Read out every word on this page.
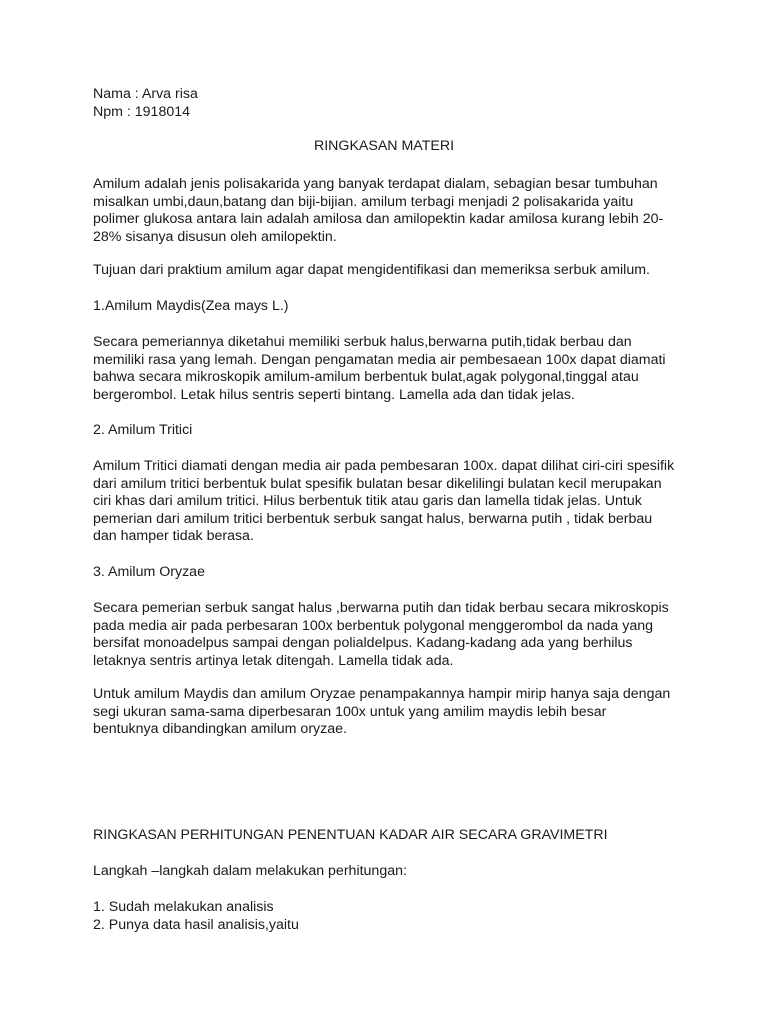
Nama : Arva risa
Npm : 1918014
RINGKASAN MATERI
Amilum adalah jenis polisakarida yang banyak terdapat dialam, sebagian besar tumbuhan
misalkan umbi,daun,batang dan biji-bijian. amilum terbagi menjadi 2 polisakarida yaitu
polimer glukosa antara lain adalah amilosa dan amilopektin kadar amilosa kurang lebih 20-
28% sisanya disusun oleh amilopektin.
Tujuan dari praktium amilum agar dapat mengidentifikasi dan memeriksa serbuk amilum.
1.Amilum Maydis(Zea mays L.)
Secara pemeriannya diketahui memiliki serbuk halus,berwarna putih,tidak berbau dan
memiliki rasa yang lemah. Dengan pengamatan media air pembesaean 100x dapat diamati
bahwa secara mikroskopik amilum-amilum berbentuk bulat,agak polygonal,tinggal atau
bergerombol. Letak hilus sentris seperti bintang. Lamella ada dan tidak jelas.
2. Amilum Tritici
Amilum Tritici diamati dengan media air pada pembesaran 100x. dapat dilihat ciri-ciri spesifik
dari amilum tritici berbentuk bulat spesifik bulatan besar dikelilingi bulatan kecil merupakan
ciri khas dari amilum tritici. Hilus berbentuk titik atau garis dan lamella tidak jelas. Untuk
pemerian dari amilum tritici berbentuk serbuk sangat halus, berwarna putih , tidak berbau
dan hamper tidak berasa.
3. Amilum Oryzae
Secara pemerian serbuk sangat halus ,berwarna putih dan tidak berbau secara mikroskopis
pada media air pada perbesaran 100x berbentuk polygonal menggerombol da nada yang
bersifat monoadelpus sampai dengan polialdelpus. Kadang-kadang ada yang berhilus
letaknya sentris artinya letak ditengah. Lamella tidak ada.
Untuk amilum Maydis dan amilum Oryzae penampakannya hampir mirip hanya saja dengan
segi ukuran sama-sama diperbesaran 100x untuk yang amilim maydis lebih besar
bentuknya dibandingkan amilum oryzae.
RINGKASAN PERHITUNGAN PENENTUAN KADAR AIR SECARA GRAVIMETRI
Langkah –langkah dalam melakukan perhitungan:
1. Sudah melakukan analisis
2. Punya data hasil analisis,yaitu
